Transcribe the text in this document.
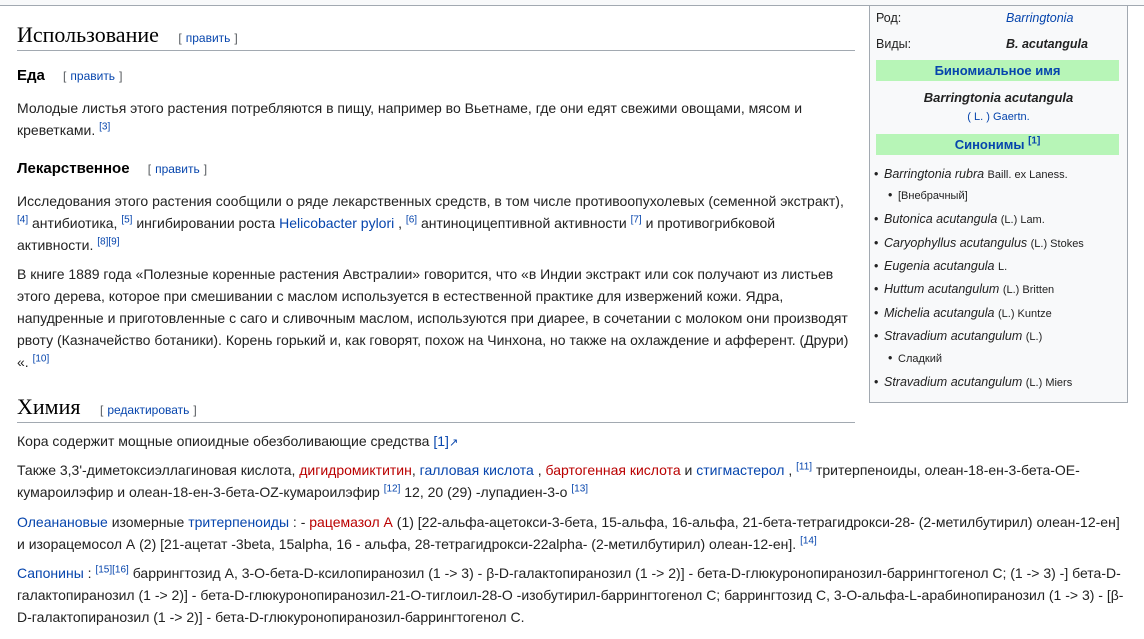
Использование [ править ]
Еда [ править ]
Молодые листья этого растения потребляются в пищу, например во Вьетнаме, где они едят свежими овощами, мясом и
креветками. [3]
Лекарственное [ править ]
Исследования этого растения сообщили о ряде лекарственных средств, в том числе противоопухолевых (семенной экстракт),
[4] антибиотика, [5] ингибировании роста Helicobacter pylori , [6] антиноцицептивной активности [7] и противогрибковой
активности. [8][9]
В книге 1889 года «Полезные коренные растения Австралии» говорится, что «в Индии экстракт или сок получают из листьев
этого дерева, которое при смешивании с маслом используется в естественной практике для извержений кожи. Ядра,
напудренные и приготовленные с саго и сливочным маслом, используются при диарее, в сочетании с молоком они производят
рвоту (Казначейство ботаники). Корень горький и, как говорят, похож на Чинхона, но также на охлаждение и афферент. (Друри)
«. [10]
Химия [ редактировать ]
Кора содержит мощные опиоидные обезболивающие средства [1]↗
Также 3,3'-диметоксиэллагиновая кислота, дигидромиктитин, галловая кислота , бартогенная кислота и стигмастерол , [11] тритерпеноиды, олеан-18-ен-3-бета-ОЕ-
кумароилэфир и олеан-18-ен-3-бета-OZ-кумароилэфир [12] 12, 20 (29) -лупадиен-3-о [13]
Олеанановые изомерные тритерпеноиды : - рацемазол А (1) [22-альфа-ацетокси-3-бета, 15-альфа, 16-альфа, 21-бета-тетрагидрокси-28- (2-метилбутирил) олеан-12-ен]
и изорацемосол А (2) [21-ацетат -3beta, 15alpha, 16 - альфа, 28-тетрагидрокси-22alpha- (2-метилбутирил) олеан-12-ен]. [14]
Сапонины : [15][16] баррингтозид А, 3-О-бета-D-ксилопиранозил (1 -> 3) - β-D-галактопиранозил (1 -> 2)] - бета-D-глюкуронопиранозил-баррингтогенол С; (1 -> 3) -] бета-D-
галактопиранозил (1 -> 2)] - бета-D-глюкуронопиранозил-21-О-тиглоил-28-О -изобутирил-баррингтогенол С; баррингтозид С, 3-О-альфа-L-арабинопиранозил (1 -> 3) - [β-
D-галактопиранозил (1 -> 2)] - бета-D-глюкуронопиранозил-баррингтогенол С.
Род:	Barringtonia
Виды:	B. acutangula
Биномиальное имя
Barringtonia acutangula
( L. ) Gaertn.
Синонимы [1]
• Barringtonia rubra Baill. ex Laness.
• [Внебрачный]
• Butonica acutangula (L.) Lam.
• Caryophyllus acutangulus (L.) Stokes
• Eugenia acutangula L.
• Huttum acutangulum (L.) Britten
• Michelia acutangula (L.) Kuntze
• Stravadium acutangulum (L.)
• Сладкий
• Stravadium acutangulum (L.) Miers
